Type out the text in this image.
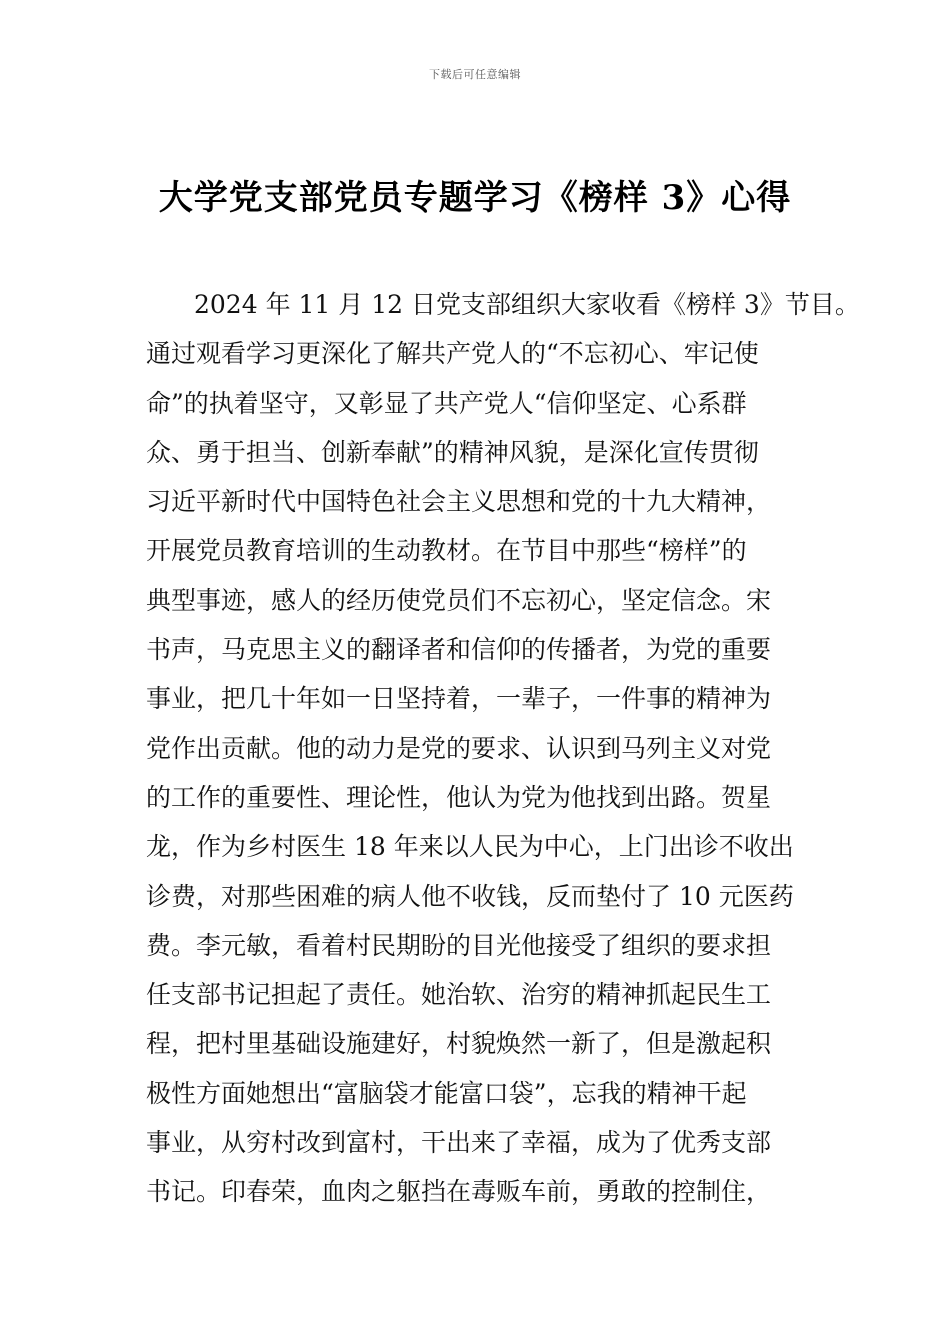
下载后可任意编辑
大学党支部党员专题学习《榜样 3》心得
2024 年 11 月 12 日党支部组织大家收看《榜样 3》节目。
通过观看学习更深化了解共产党人的“不忘初心、牢记使
命”的执着坚守，又彰显了共产党人“信仰坚定、心系群
众、勇于担当、创新奉献”的精神风貌，是深化宣传贯彻
习近平新时代中国特色社会主义思想和党的十九大精神，
开展党员教育培训的生动教材。在节目中那些“榜样”的
典型事迹，感人的经历使党员们不忘初心，坚定信念。宋
书声，马克思主义的翻译者和信仰的传播者，为党的重要
事业，把几十年如一日坚持着，一辈子，一件事的精神为
党作出贡献。他的动力是党的要求、认识到马列主义对党
的工作的重要性、理论性，他认为党为他找到出路。贺星
龙，作为乡村医生 18 年来以人民为中心，上门出诊不收出
诊费，对那些困难的病人他不收钱，反而垫付了 10 元医药
费。李元敏，看着村民期盼的目光他接受了组织的要求担
任支部书记担起了责任。她治软、治穷的精神抓起民生工
程，把村里基础设施建好，村貌焕然一新了，但是激起积
极性方面她想出“富脑袋才能富口袋”，忘我的精神干起
事业，从穷村改到富村，干出来了幸福，成为了优秀支部
书记。印春荣，血肉之躯挡在毒贩车前，勇敢的控制住，
